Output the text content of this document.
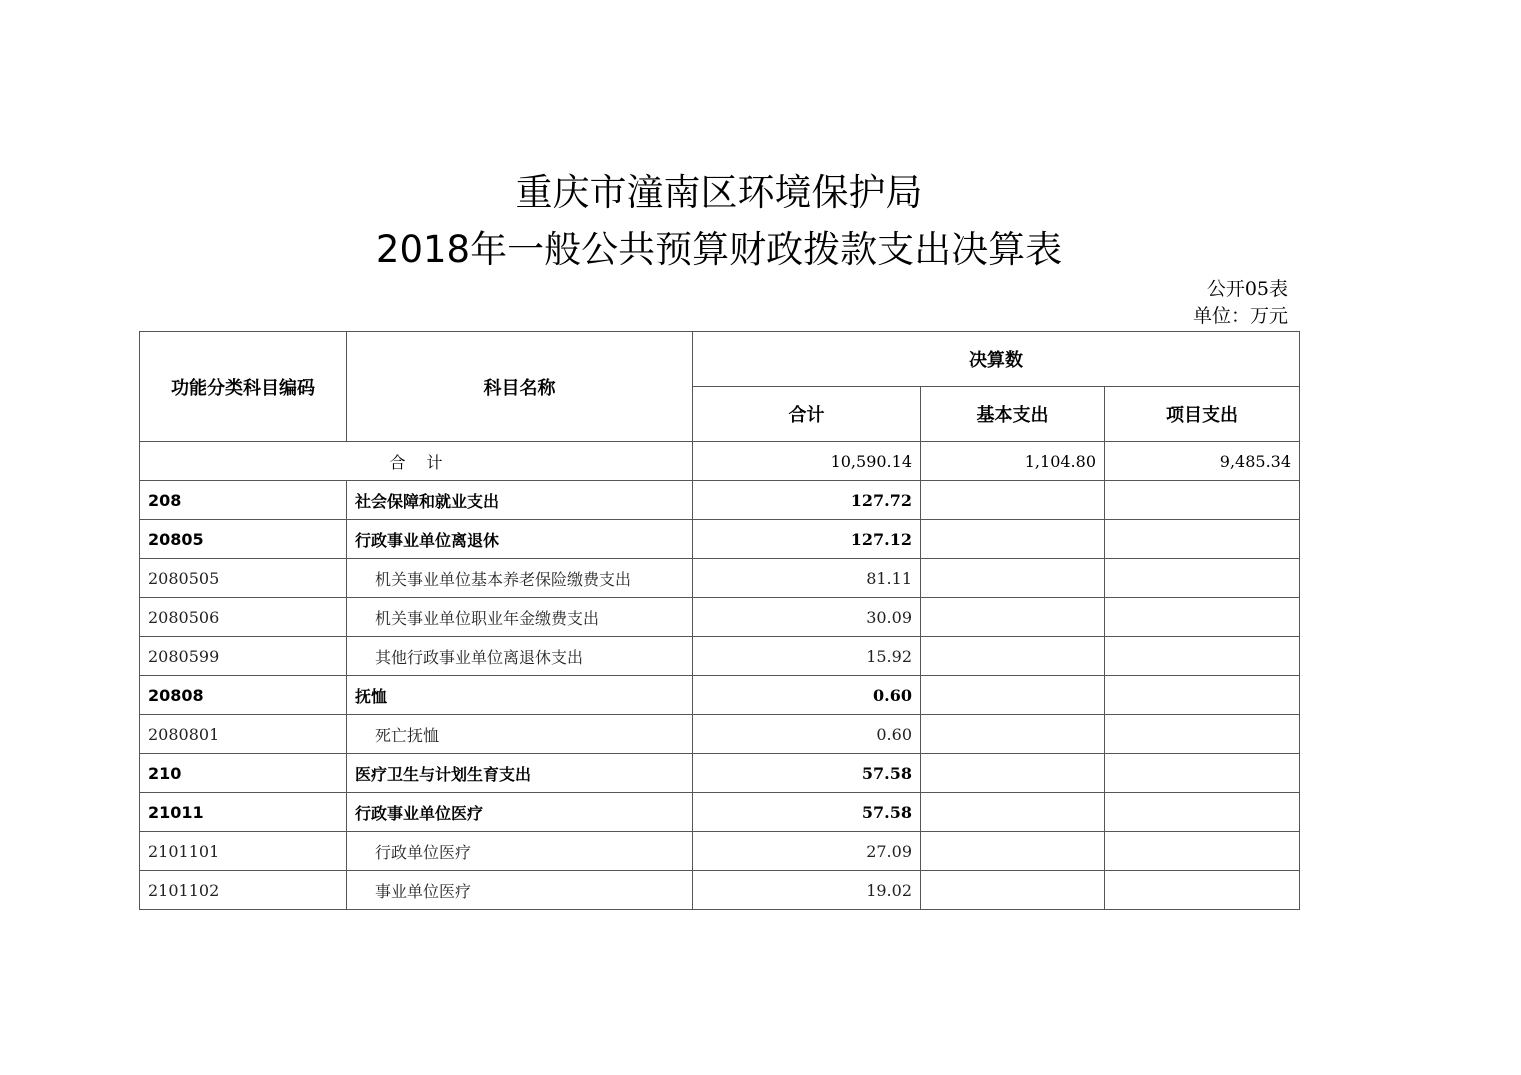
重庆市潼南区环境保护局
2018年一般公共预算财政拨款支出决算表
公开05表
单位：万元
功能分类科目编码	科目名称	决算数		
		合计	基本支出	项目支出
合　 计		10,590.14	1,104.80	9,485.34
208	社会保障和就业支出	127.72		
20805	行政事业单位离退休	127.12		
2080505	机关事业单位基本养老保险缴费支出	81.11		
2080506	机关事业单位职业年金缴费支出	30.09		
2080599	其他行政事业单位离退休支出	15.92		
20808	抚恤	0.60		
2080801	死亡抚恤	0.60		
210	医疗卫生与计划生育支出	57.58		
21011	行政事业单位医疗	57.58		
2101101	行政单位医疗	27.09		
2101102	事业单位医疗	19.02		
